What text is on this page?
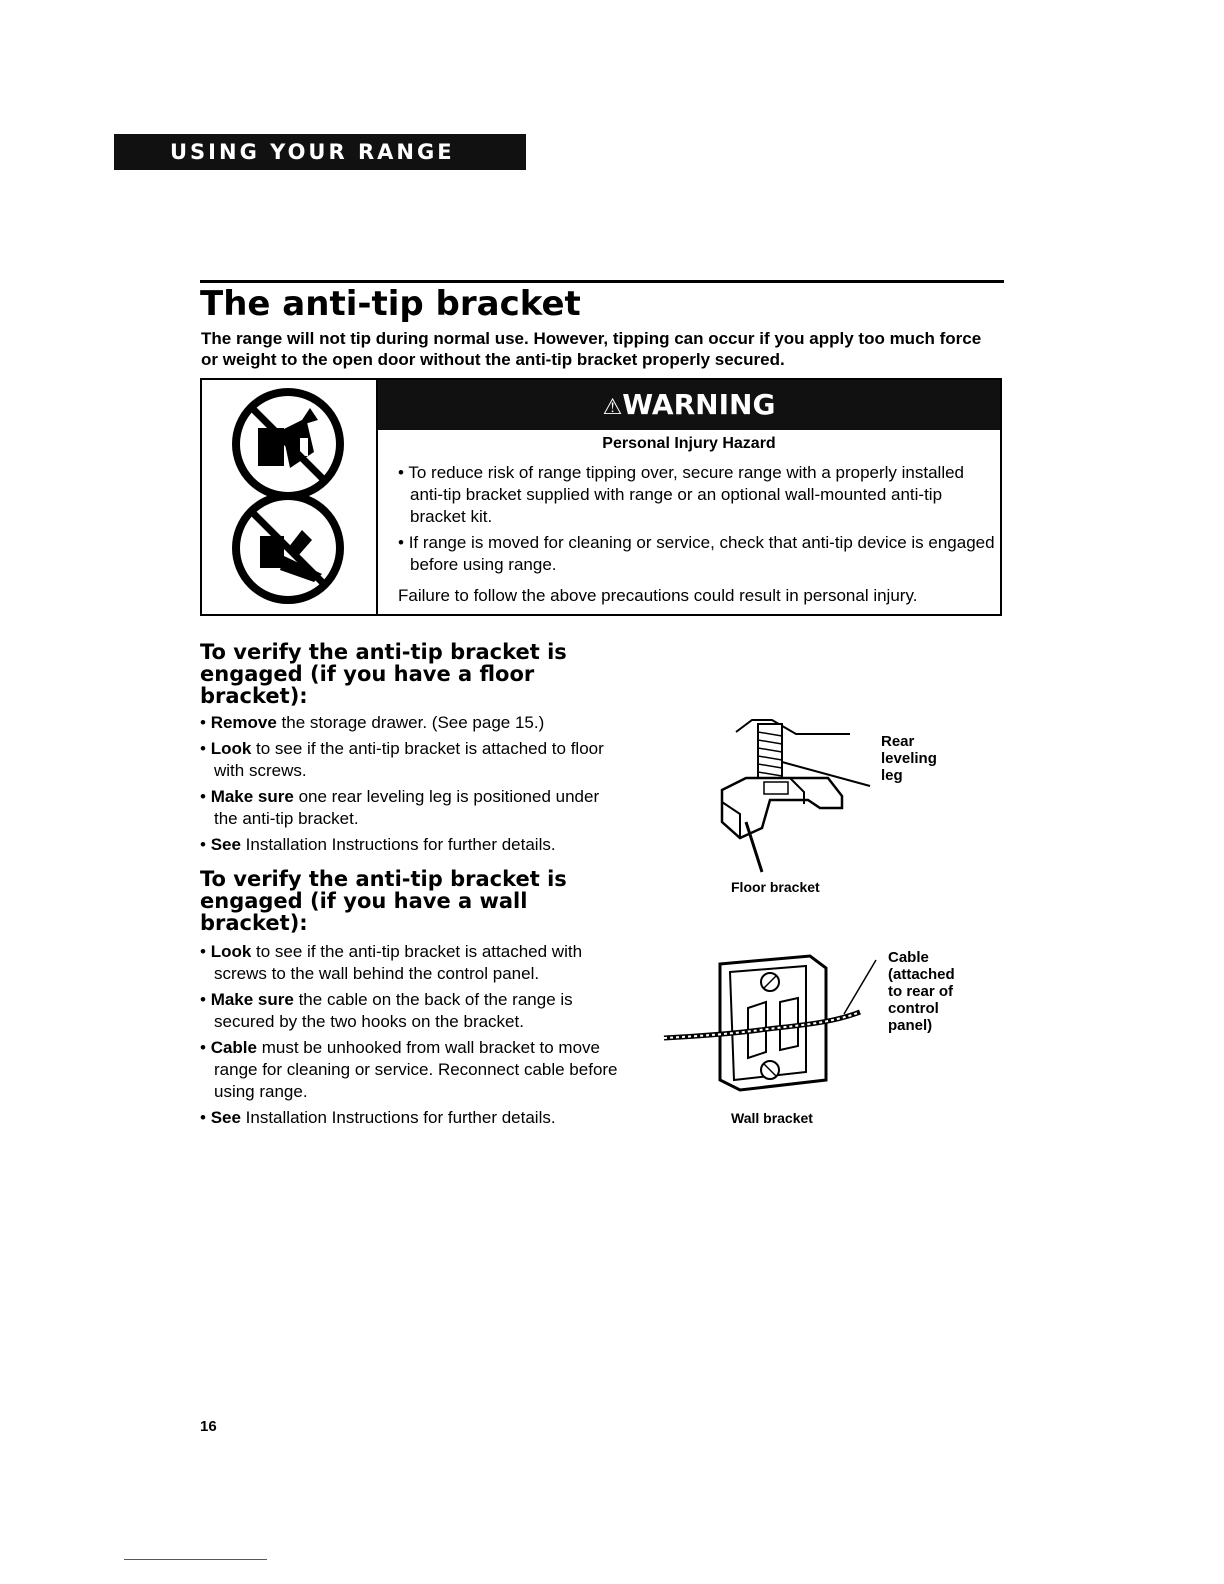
USING YOUR RANGE
The anti-tip bracket

The range will not tip during normal use. However, tipping can occur if you apply too much force or weight to the open door without the anti-tip bracket properly secured.

⚠WARNING
Personal Injury Hazard
• To reduce risk of range tipping over, secure range with a properly installed anti-tip bracket supplied with range or an optional wall-mounted anti-tip bracket kit.
• If range is moved for cleaning or service, check that anti-tip device is engaged before using range.

Failure to follow the above precautions could result in personal injury.

To verify the anti-tip bracket is engaged (if you have a floor bracket):
• Remove the storage drawer. (See page 15.)
• Look to see if the anti-tip bracket is attached to floor with screws.
• Make sure one rear leveling leg is positioned under the anti-tip bracket.
• See Installation Instructions for further details.
To verify the anti-tip bracket is engaged (if you have a wall bracket):
• Look to see if the anti-tip bracket is attached with screws to the wall behind the control panel.
• Make sure the cable on the back of the range is secured by the two hooks on the bracket.
• Cable must be unhooked from wall bracket to move range for cleaning or service. Reconnect cable before using range.
• See Installation Instructions for further details.

Rear
leveling
leg

Floor bracket

Cable
(attached
to rear of
control
panel)

Wall bracket

16
